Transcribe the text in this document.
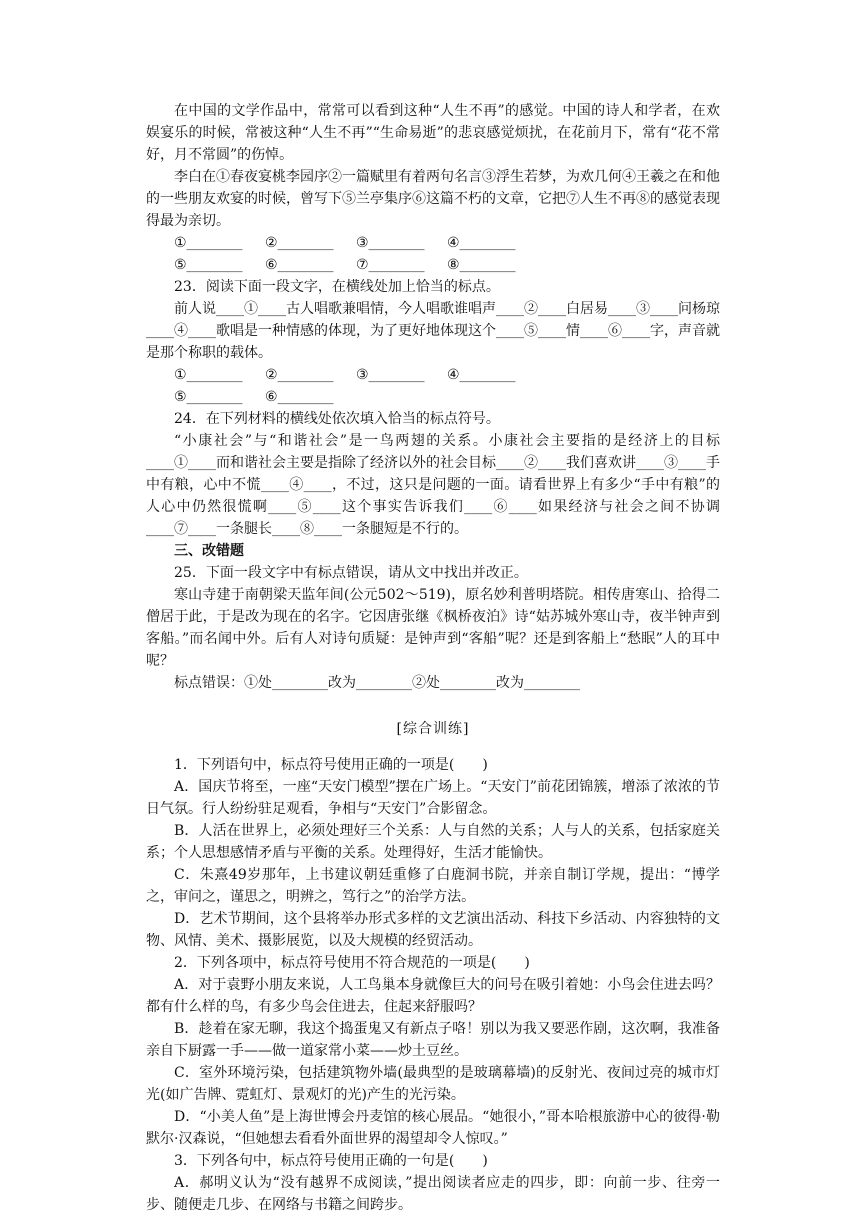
在中国的文学作品中，常常可以看到这种“人生不再”的感觉。中国的诗人和学者，在欢娱宴乐的时候，常被这种“人生不再”“生命易逝”的悲哀感觉烦扰，在花前月下，常有“花不常好，月不常圆”的伤悼。

李白在①春夜宴桃李园序②一篇赋里有着两句名言③浮生若梦，为欢几何④王羲之在和他的一些朋友欢宴的时候，曾写下⑤兰亭集序⑥这篇不朽的文章，它把⑦人生不再⑧的感觉表现得最为亲切。

①________	②________	③________	④________
⑤________	⑥________	⑦________	⑧________

23．阅读下面一段文字，在横线处加上恰当的标点。

前人说____①____古人唱歌兼唱情，今人唱歌谁唱声____②____白居易____③____问杨琼____④____歌唱是一种情感的体现，为了更好地体现这个____⑤____情____⑥____字，声音就是那个称职的载体。

①________	②________	③________	④________
⑤________	⑥________

24．在下列材料的横线处依次填入恰当的标点符号。

“小康社会”与“和谐社会”是一鸟两翅的关系。小康社会主要指的是经济上的目标____①____而和谐社会主要是指除了经济以外的社会目标____②____我们喜欢讲____③____手中有粮，心中不慌____④____，不过，这只是问题的一面。请看世界上有多少“手中有粮”的人心中仍然很慌啊____⑤____这个事实告诉我们____⑥____如果经济与社会之间不协调____⑦____一条腿长____⑧____一条腿短是不行的。

三、改错题

25．下面一段文字中有标点错误，请从文中找出并改正。

寒山寺建于南朝梁天监年间(公元502～519)，原名妙利普明塔院。相传唐寒山、拾得二僧居于此，于是改为现在的名字。它因唐张继《枫桥夜泊》诗“姑苏城外寒山寺，夜半钟声到客船。”而名闻中外。后有人对诗句质疑：是钟声到“客船”呢？还是到客船上“愁眠”人的耳中呢？

标点错误：①处________改为________②处________改为________

[综合训练]

1．下列语句中，标点符号使用正确的一项是(　　)

A．国庆节将至，一座“天安门模型”摆在广场上。“天安门”前花团锦簇，增添了浓浓的节日气氛。行人纷纷驻足观看，争相与“天安门”合影留念。

B．人活在世界上，必须处理好三个关系：人与自然的关系；人与人的关系，包括家庭关系；个人思想感情矛盾与平衡的关系。处理得好，生活才能愉快。

C．朱熹49岁那年，上书建议朝廷重修了白鹿洞书院，并亲自制订学规，提出：“博学之，审问之，谨思之，明辨之，笃行之”的治学方法。

D．艺术节期间，这个县将举办形式多样的文艺演出活动、科技下乡活动、内容独特的文物、风情、美术、摄影展览，以及大规模的经贸活动。

2．下列各项中，标点符号使用不符合规范的一项是(　　)

A．对于袁野小朋友来说，人工鸟巢本身就像巨大的问号在吸引着她：小鸟会住进去吗？都有什么样的鸟，有多少鸟会住进去，住起来舒服吗？

B．趁着在家无聊，我这个捣蛋鬼又有新点子咯！别以为我又要恶作剧，这次啊，我准备亲自下厨露一手——做一道家常小菜——炒土豆丝。

C．室外环境污染，包括建筑物外墙(最典型的是玻璃幕墙)的反射光、夜间过亮的城市灯光(如广告牌、霓虹灯、景观灯的光)产生的光污染。

D．“小美人鱼”是上海世博会丹麦馆的核心展品。“她很小，”哥本哈根旅游中心的彼得·勒默尔·汉森说，“但她想去看看外面世界的渴望却令人惊叹。”

3．下列各句中，标点符号使用正确的一句是(　　)

A．郝明义认为“没有越界不成阅读，”提出阅读者应走的四步，即：向前一步、往旁一步、随便走几步、在网络与书籍之间跨步。
